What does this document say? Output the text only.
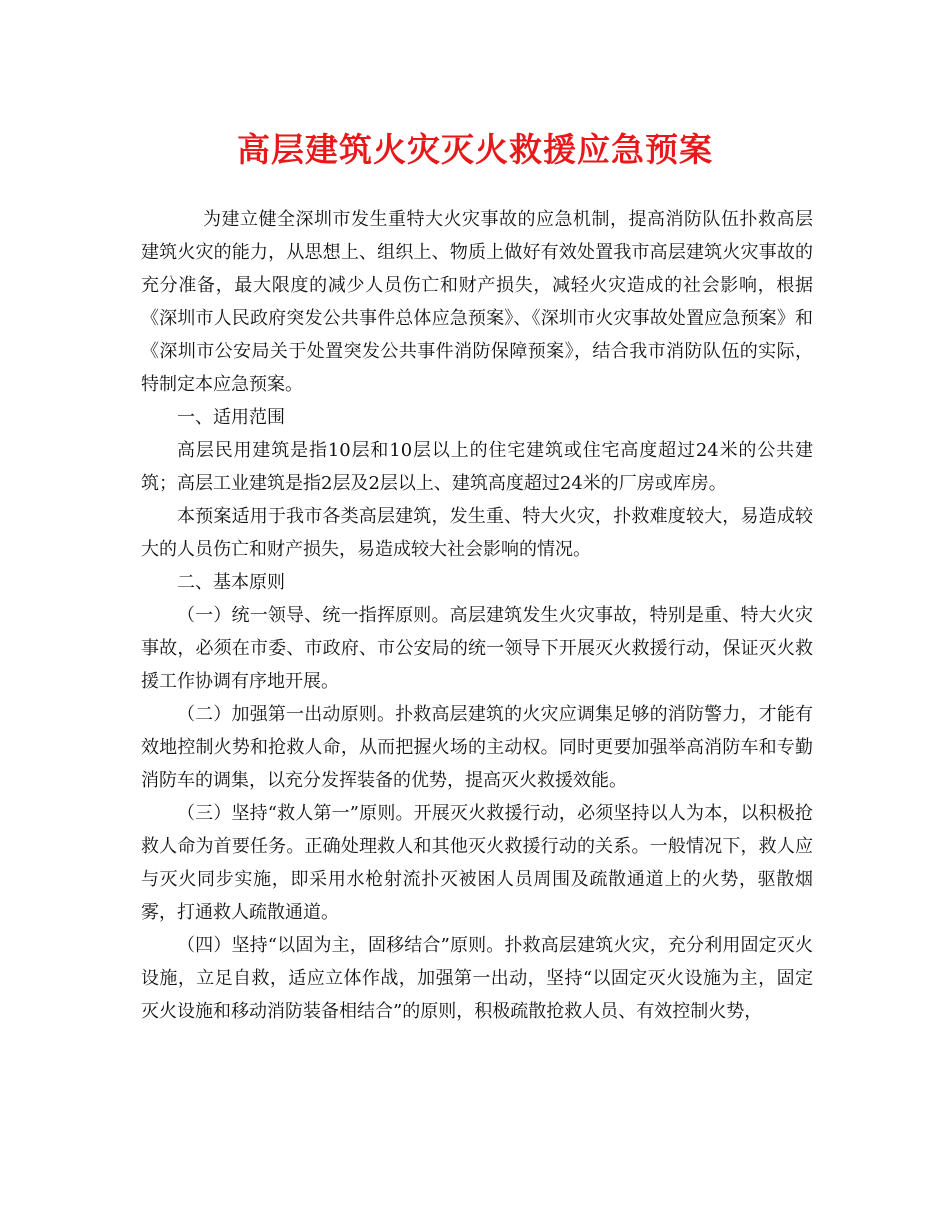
高层建筑火灾灭火救援应急预案

为建立健全深圳市发生重特大火灾事故的应急机制，提高消防队伍扑救高层建筑火灾的能力，从思想上、组织上、物质上做好有效处置我市高层建筑火灾事故的充分准备，最大限度的减少人员伤亡和财产损失，减轻火灾造成的社会影响，根据《深圳市人民政府突发公共事件总体应急预案》、《深圳市火灾事故处置应急预案》和《深圳市公安局关于处置突发公共事件消防保障预案》，结合我市消防队伍的实际，特制定本应急预案。

一、适用范围

高层民用建筑是指10层和10层以上的住宅建筑或住宅高度超过24米的公共建筑；高层工业建筑是指2层及2层以上、建筑高度超过24米的厂房或库房。

本预案适用于我市各类高层建筑，发生重、特大火灾，扑救难度较大，易造成较大的人员伤亡和财产损失，易造成较大社会影响的情况。

二、基本原则

（一）统一领导、统一指挥原则。高层建筑发生火灾事故，特别是重、特大火灾事故，必须在市委、市政府、市公安局的统一领导下开展灭火救援行动，保证灭火救援工作协调有序地开展。

（二）加强第一出动原则。扑救高层建筑的火灾应调集足够的消防警力，才能有效地控制火势和抢救人命，从而把握火场的主动权。同时更要加强举高消防车和专勤消防车的调集，以充分发挥装备的优势，提高灭火救援效能。

（三）坚持“救人第一”原则。开展灭火救援行动，必须坚持以人为本，以积极抢救人命为首要任务。正确处理救人和其他灭火救援行动的关系。一般情况下，救人应与灭火同步实施，即采用水枪射流扑灭被困人员周围及疏散通道上的火势，驱散烟雾，打通救人疏散通道。

（四）坚持“以固为主，固移结合”原则。扑救高层建筑火灾，充分利用固定灭火设施，立足自救，适应立体作战，加强第一出动，坚持“以固定灭火设施为主，固定灭火设施和移动消防装备相结合”的原则，积极疏散抢救人员、有效控制火势，
